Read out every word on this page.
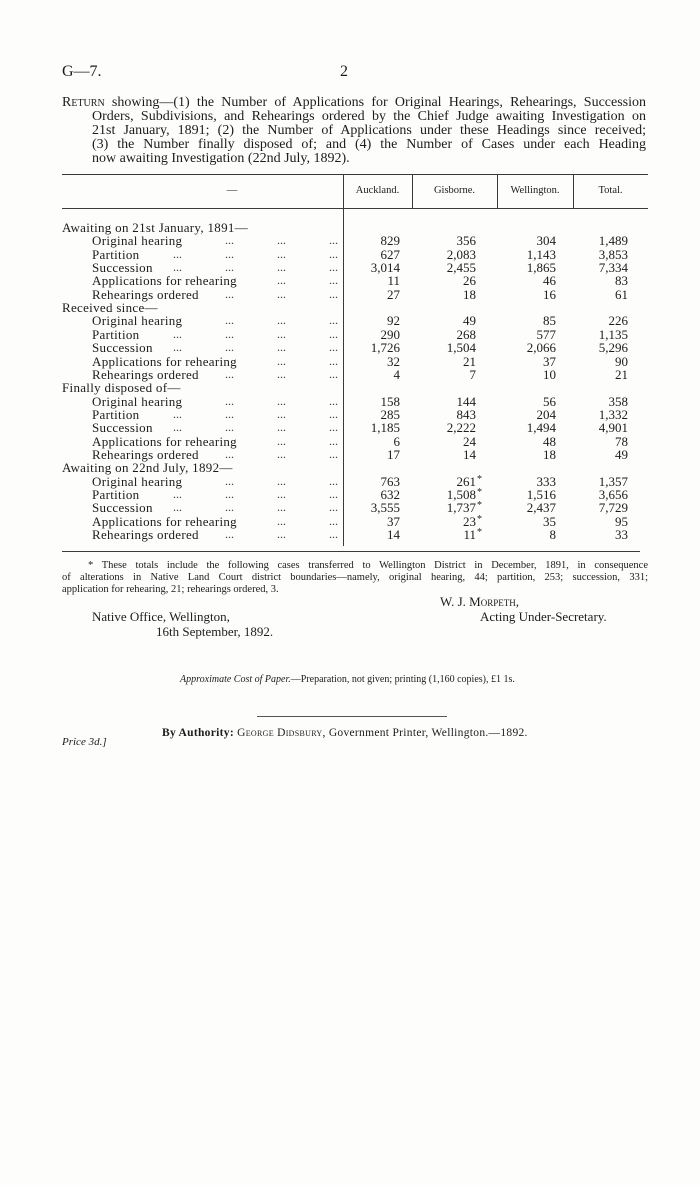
G—7.	2
Return showing—(1) the Number of Applications for Original Hearings, Rehearings, Succession
Orders, Subdivisions, and Rehearings ordered by the Chief Judge awaiting Investigation on
21st January, 1891; (2) the Number of Applications under these Headings since received;
(3) the Number finally disposed of; and (4) the Number of Cases under each Heading
now awaiting Investigation (22nd July, 1892).
—	Auckland.	Gisborne.	Wellington.	Total.
Awaiting on 21st January, 1891—
Original hearing	... ... ...	829	356	304	1,489
Partition	... ... ... ...	627	2,083	1,143	3,853
Succession ... ... ... ...	3,014	2,455	1,865	7,334
Applications for rehearing	... ...	11	26	46	83
Rehearings ordered ... ... ...	27	18	16	61
Received since—
Original hearing	... ... ...	92	49	85	226
Partition	... ... ... ...	290	268	577	1,135
Succession ... ... ... ...	1,726	1,504	2,066	5,296
Applications for rehearing	... ...	32	21	37	90
Rehearings ordered ... ... ...	4	7	10	21
Finally disposed of—
Original hearing	... ... ...	158	144	56	358
Partition	... ... ... ...	285	843	204	1,332
Succession ... ... ... ...	1,185	2,222	1,494	4,901
Applications for rehearing	... ...	6	24	48	78
Rehearings ordered ... ... ...	17	14	18	49
Awaiting on 22nd July, 1892—
Original hearing	... ... ...	763	261 *	333	1,357
Partition	... ... ... ...	632	1,508 *	1,516	3,656
Succession ... ... ... ...	3,555	1,737 *	2,437	7,729
Applications for rehearing	... ...	37	23 *	35	95
Rehearings ordered ... ... ...	14	11 *	8	33
* These totals include the following cases transferred to Wellington District in December, 1891, in consequence
of alterations in Native Land Court district boundaries—namely, original hearing, 44; partition, 253; succession, 331;
application for rehearing, 21; rehearings ordered, 3.
W. J. Morpeth,
Acting Under-Secretary.
Native Office, Wellington,
16th September, 1892.
Approximate Cost of Paper.—Preparation, not given; printing (1,160 copies), £1 1s.
By Authority: George Didsbury, Government Printer, Wellington.—1892.
Price 3d.]
